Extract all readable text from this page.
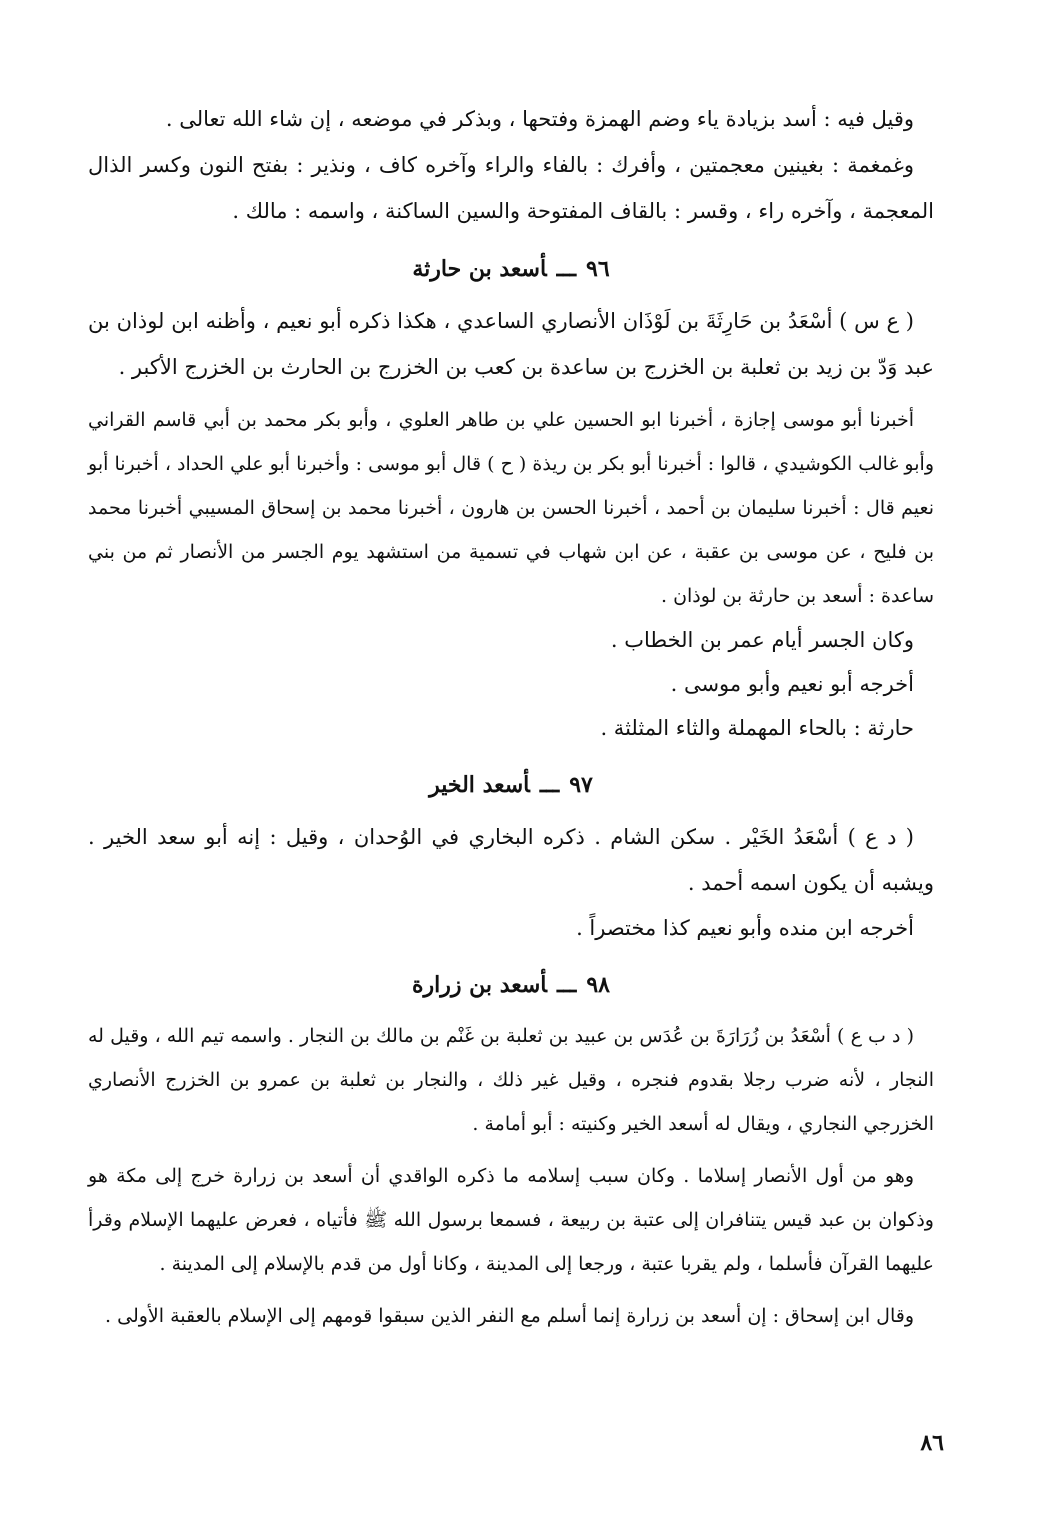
وقيل فيه : أسد بزيادة ياء وضم الهمزة وفتحها ، وبذكر في موضعه ، إن شاء الله تعالى .

وغمغمة : بغينين معجمتين ، وأفرك : بالفاء والراء وآخره كاف ، ونذير : بفتح النون وكسر الذال المعجمة ، وآخره راء ، وقسر : بالقاف المفتوحة والسين الساكنة ، واسمه : مالك .

٩٦ـــأسعد بن حارثة

( ع س ) أسْعَدُ بن حَارِثَةَ بن لَوْذَان الأنصاري الساعدي ، هكذا ذكره أبو نعيم ، وأظنه ابن لوذان بن عبد وَدّ بن زيد بن ثعلبة بن الخزرج بن ساعدة بن كعب بن الخزرج بن الحارث بن الخزرج الأكبر .

أخبرنا أبو موسى إجازة ، أخبرنا ابو الحسين علي بن طاهر العلوي ، وأبو بكر محمد بن أبي قاسم القراني وأبو غالب الكوشيدي ، قالوا : أخبرنا أبو بكر بن ريذة ( ح ) قال أبو موسى : وأخبرنا أبو علي الحداد ، أخبرنا أبو نعيم قال : أخبرنا سليمان بن أحمد ، أخبرنا الحسن بن هارون ، أخبرنا محمد بن إسحاق المسيبي أخبرنا محمد بن فليح ، عن موسى بن عقبة ، عن ابن شهاب في تسمية من استشهد يوم الجسر من الأنصار ثم من بني ساعدة : أسعد بن حارثة بن لوذان .

وكان الجسر أيام عمر بن الخطاب .
أخرجه أبو نعيم وأبو موسى .
حارثة : بالحاء المهملة والثاء المثلثة .
٩٧ـــأسعد الخير

( د ع ) أسْعَدُ الخَيْر . سكن الشام . ذكره البخاري في الوُحدان ، وقيل : إنه أبو سعد الخير . ويشبه أن يكون اسمه أحمد .

أخرجه ابن منده وأبو نعيم كذا مختصراً .
٩٨ـــأسعد بن زرارة

( د ب ع ) أسْعَدُ بن زُرَارَةَ بن عُدَس بن عبيد بن ثعلبة بن غَنْم بن مالك بن النجار . واسمه تيم الله ، وقيل له النجار ، لأنه ضرب رجلا بقدوم فنجره ، وقيل غير ذلك ، والنجار بن ثعلبة بن عمرو بن الخزرج الأنصاري الخزرجي النجاري ، ويقال له أسعد الخير وكنيته : أبو أمامة .

وهو من أول الأنصار إسلاما . وكان سبب إسلامه ما ذكره الواقدي أن أسعد بن زرارة خرج إلى مكة هو وذكوان بن عبد قيس يتنافران إلى عتبة بن ربيعة ، فسمعا برسول الله ﷺ فأتياه ، فعرض عليهما الإسلام وقرأ عليهما القرآن فأسلما ، ولم يقربا عتبة ، ورجعا إلى المدينة ، وكانا أول من قدم بالإسلام إلى المدينة .

وقال ابن إسحاق : إن أسعد بن زرارة إنما أسلم مع النفر الذين سبقوا قومهم إلى الإسلام بالعقبة الأولى .

٨٦
